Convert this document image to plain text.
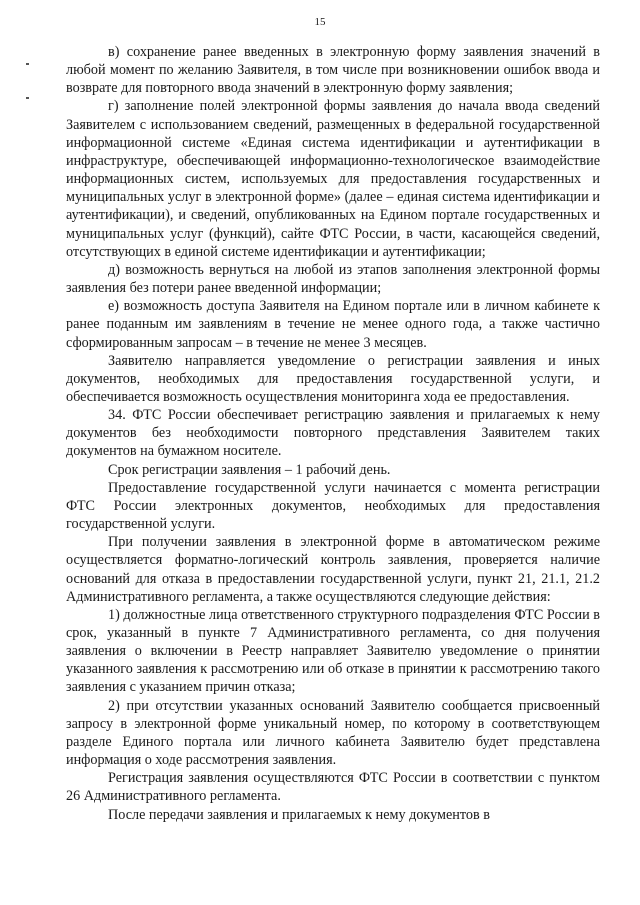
15

в) сохранение ранее введенных в электронную форму заявления значений в любой момент по желанию Заявителя, в том числе при возникновении ошибок ввода и возврате для повторного ввода значений в электронную форму заявления;

г) заполнение полей электронной формы заявления до начала ввода сведений Заявителем с использованием сведений, размещенных в федеральной государственной информационной системе «Единая система идентификации и аутентификации в инфраструктуре, обеспечивающей информационно-технологическое взаимодействие информационных систем, используемых для предоставления государственных и муниципальных услуг в электронной форме» (далее – единая система идентификации и аутентификации), и сведений, опубликованных на Едином портале государственных и муниципальных услуг (функций), сайте ФТС России, в части, касающейся сведений, отсутствующих в единой системе идентификации и аутентификации;

д) возможность вернуться на любой из этапов заполнения электронной формы заявления без потери ранее введенной информации;

е) возможность доступа Заявителя на Едином портале или в личном кабинете к ранее поданным им заявлениям в течение не менее одного года, а также частично сформированным запросам – в течение не менее 3 месяцев.

Заявителю направляется уведомление о регистрации заявления и иных документов, необходимых для предоставления государственной услуги, и обеспечивается возможность осуществления мониторинга хода ее предоставления.

34. ФТС России обеспечивает регистрацию заявления и прилагаемых к нему документов без необходимости повторного представления Заявителем таких документов на бумажном носителе.

Срок регистрации заявления – 1 рабочий день.

Предоставление государственной услуги начинается с момента регистрации ФТС России электронных документов, необходимых для предоставления государственной услуги.

При получении заявления в электронной форме в автоматическом режиме осуществляется форматно-логический контроль заявления, проверяется наличие оснований для отказа в предоставлении государственной услуги, пункт 21, 21.1, 21.2 Административного регламента, а также осуществляются следующие действия:

1) должностные лица ответственного структурного подразделения ФТС России в срок, указанный в пункте 7 Административного регламента, со дня получения заявления о включении в Реестр направляет Заявителю уведомление о принятии указанного заявления к рассмотрению или об отказе в принятии к рассмотрению такого заявления с указанием причин отказа;

2) при отсутствии указанных оснований Заявителю сообщается присвоенный запросу в электронной форме уникальный номер, по которому в соответствующем разделе Единого портала или личного кабинета Заявителю будет представлена информация о ходе рассмотрения заявления.

Регистрация заявления осуществляются ФТС России в соответствии с пунктом 26 Административного регламента.

После передачи заявления и прилагаемых к нему документов в
